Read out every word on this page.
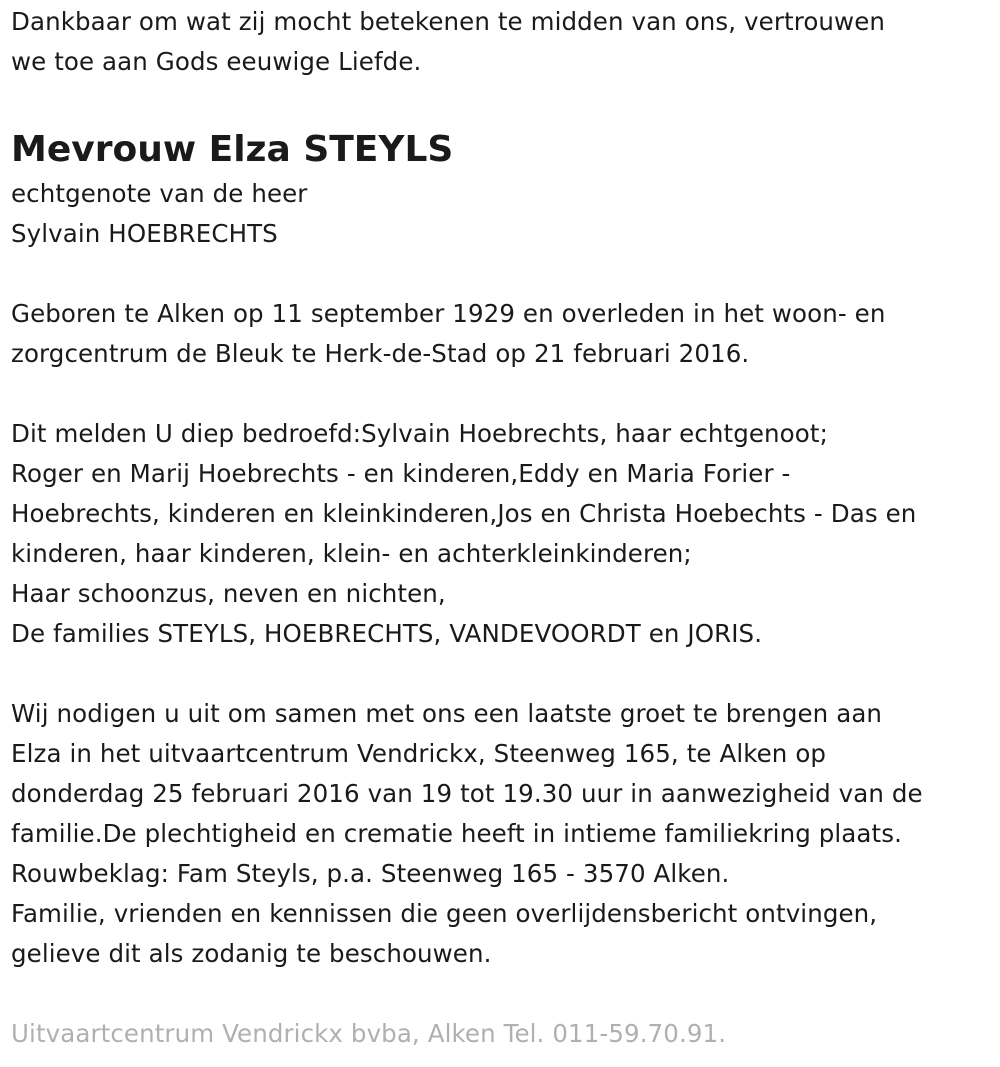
Dankbaar om wat zij mocht betekenen te midden van ons, vertrouwen
we toe aan Gods eeuwige Liefde.

Mevrouw Elza STEYLS

echtgenote van de heer
Sylvain HOEBRECHTS

Geboren te Alken op 11 september 1929 en overleden in het woon- en
zorgcentrum de Bleuk te Herk-de-Stad op 21 februari 2016.

Dit melden U diep bedroefd:Sylvain Hoebrechts, haar echtgenoot;
Roger en Marij Hoebrechts - en kinderen,Eddy en Maria Forier -
Hoebrechts, kinderen en kleinkinderen,Jos en Christa Hoebechts - Das en
kinderen, haar kinderen, klein- en achterkleinkinderen;
Haar schoonzus, neven en nichten,
De families STEYLS, HOEBRECHTS, VANDEVOORDT en JORIS.

Wij nodigen u uit om samen met ons een laatste groet te brengen aan
Elza in het uitvaartcentrum Vendrickx, Steenweg 165, te Alken op
donderdag 25 februari 2016 van 19 tot 19.30 uur in aanwezigheid van de
familie.De plechtigheid en crematie heeft in intieme familiekring plaats.
Rouwbeklag: Fam Steyls, p.a. Steenweg 165 - 3570 Alken.
Familie, vrienden en kennissen die geen overlijdensbericht ontvingen,
gelieve dit als zodanig te beschouwen.

Uitvaartcentrum Vendrickx bvba, Alken Tel. 011-59.70.91.
